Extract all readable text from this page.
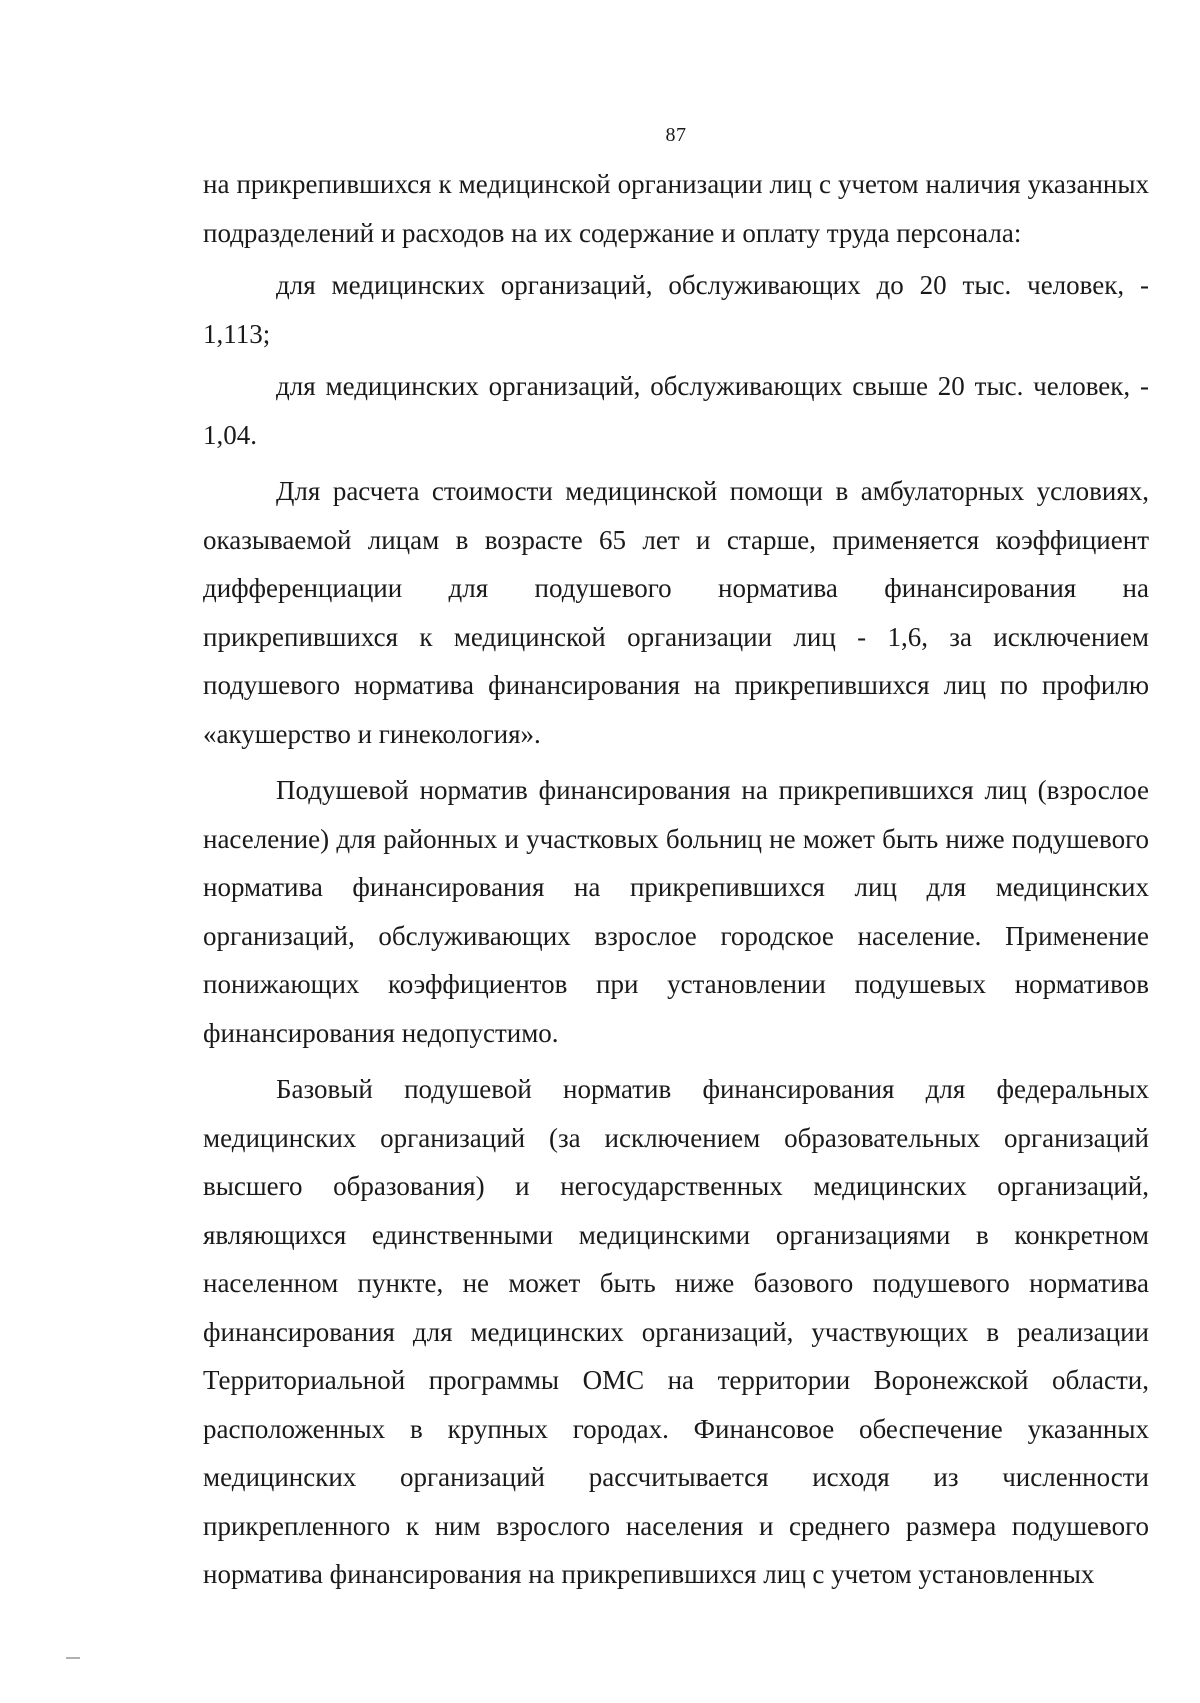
87

на прикрепившихся к медицинской организации лиц с учетом наличия указанных подразделений и расходов на их содержание и оплату труда персонала:

для медицинских организаций, обслуживающих до 20 тыс. человек, - 1,113;

для медицинских организаций, обслуживающих свыше 20 тыс. человек, - 1,04.

Для расчета стоимости медицинской помощи в амбулаторных условиях, оказываемой лицам в возрасте 65 лет и старше, применяется коэффициент дифференциации для подушевого норматива финансирования на прикрепившихся к медицинской организации лиц - 1,6, за исключением подушевого норматива финансирования на прикрепившихся лиц по профилю «акушерство и гинекология».

Подушевой норматив финансирования на прикрепившихся лиц (взрослое население) для районных и участковых больниц не может быть ниже подушевого норматива финансирования на прикрепившихся лиц для медицинских организаций, обслуживающих взрослое городское население. Применение понижающих коэффициентов при установлении подушевых нормативов финансирования недопустимо.

Базовый подушевой норматив финансирования для федеральных медицинских организаций (за исключением образовательных организаций высшего образования) и негосударственных медицинских организаций, являющихся единственными медицинскими организациями в конкретном населенном пункте, не может быть ниже базового подушевого норматива финансирования для медицинских организаций, участвующих в реализации Территориальной программы ОМС на территории Воронежской области, расположенных в крупных городах. Финансовое обеспечение указанных медицинских организаций рассчитывается исходя из численности прикрепленного к ним взрослого населения и среднего размера подушевого норматива финансирования на прикрепившихся лиц с учетом установленных
